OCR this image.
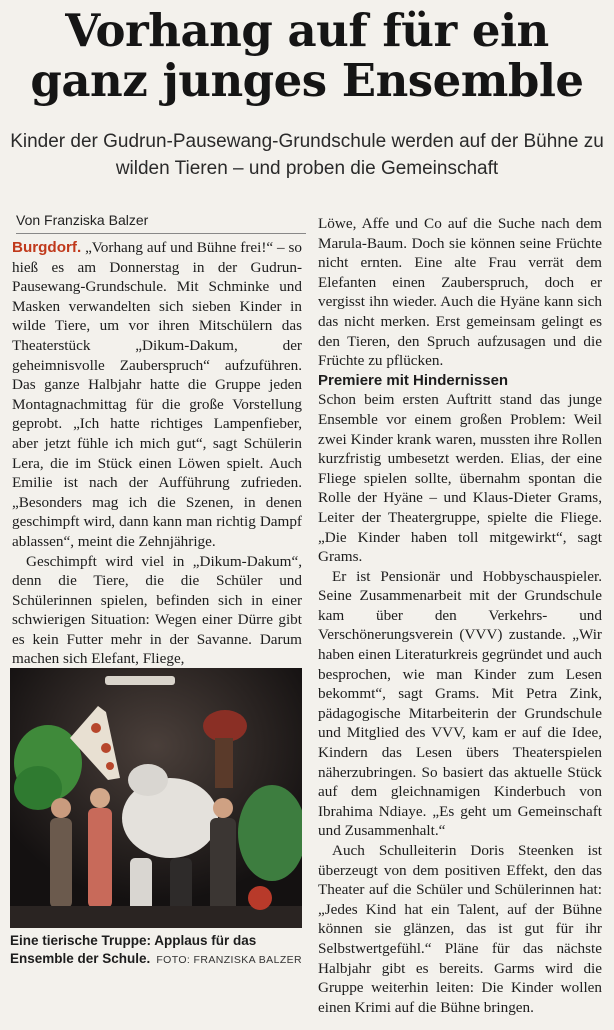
Vorhang auf für ein ganz junges Ensemble
Kinder der Gudrun-Pausewang-Grundschule werden auf der Bühne zu wilden Tieren – und proben die Gemeinschaft
Von Franziska Balzer

Burgdorf. „Vorhang auf und Bühne frei!“ – so hieß es am Donnerstag in der Gudrun-Pausewang-Grundschule. Mit Schminke und Masken verwandelten sich sieben Kinder in wilde Tiere, um vor ihren Mitschülern das Theaterstück „Dikum-Dakum, der geheimnisvolle Zauberspruch“ aufzuführen. Das ganze Halbjahr hatte die Gruppe jeden Montagnachmittag für die große Vorstellung geprobt. „Ich hatte richtiges Lampenfieber, aber jetzt fühle ich mich gut“, sagt Schülerin Lera, die im Stück einen Löwen spielt. Auch Emilie ist nach der Aufführung zufrieden. „Besonders mag ich die Szenen, in denen geschimpft wird, dann kann man richtig Dampf ablassen“, meint die Zehnjährige.

Geschimpft wird viel in „Dikum-Dakum“, denn die Tiere, die die Schüler und Schülerinnen spielen, befinden sich in einer schwierigen Situation: Wegen einer Dürre gibt es kein Futter mehr in der Savanne. Darum machen sich Elefant, Fliege,

Eine tierische Truppe: Applaus für das Ensemble der Schule. FOTO: FRANZISKA BALZER

Löwe, Affe und Co auf die Suche nach dem Marula-Baum. Doch sie können seine Früchte nicht ernten. Eine alte Frau verrät dem Elefanten einen Zauberspruch, doch er vergisst ihn wieder. Auch die Hyäne kann sich das nicht merken. Erst gemeinsam gelingt es den Tieren, den Spruch aufzusagen und die Früchte zu pflücken.

Premiere mit Hindernissen

Schon beim ersten Auftritt stand das junge Ensemble vor einem großen Problem: Weil zwei Kinder krank waren, mussten ihre Rollen kurzfristig umbesetzt werden. Elias, der eine Fliege spielen sollte, übernahm spontan die Rolle der Hyäne – und Klaus-Dieter Grams, Leiter der Theatergruppe, spielte die Fliege. „Die Kinder haben toll mitgewirkt“, sagt Grams.

Er ist Pensionär und Hobbyschauspieler. Seine Zusammenarbeit mit der Grundschule kam über den Verkehrs- und Verschönerungsverein (VVV) zustande. „Wir haben einen Literaturkreis gegründet und auch besprochen, wie man Kinder zum Lesen bekommt“, sagt Grams. Mit Petra Zink, pädagogische Mitarbeiterin der Grundschule und Mitglied des VVV, kam er auf die Idee, Kindern das Lesen übers Theaterspielen näherzubringen. So basiert das aktuelle Stück auf dem gleichnamigen Kinderbuch von Ibrahima Ndiaye. „Es geht um Gemeinschaft und Zusammenhalt.“

Auch Schulleiterin Doris Steenken ist überzeugt von dem positiven Effekt, den das Theater auf die Schüler und Schülerinnen hat: „Jedes Kind hat ein Talent, auf der Bühne können sie glänzen, das ist gut für ihr Selbstwertgefühl.“ Pläne für das nächste Halbjahr gibt es bereits. Garms wird die Gruppe weiterhin leiten: Die Kinder wollen einen Krimi auf die Bühne bringen.
